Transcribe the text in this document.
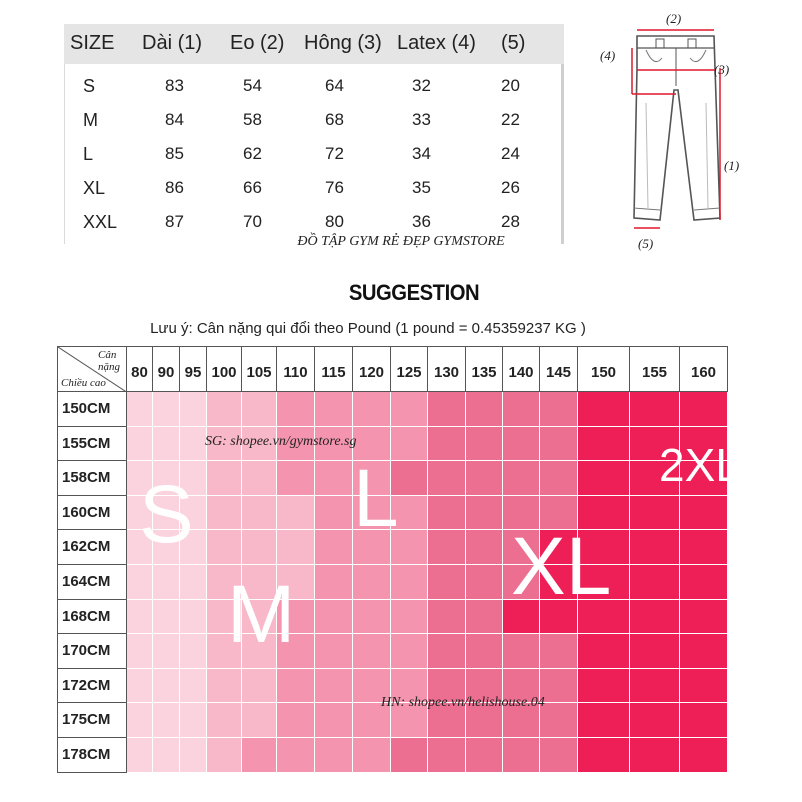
SIZE Dài (1) Eo (2) Hông (3) Latex (4) (5)
S	83	54	64	32	20
M	84	58	68	33	22
L	85	62	72	34	24
XL	86	66	76	35	26
XXL	87	70	80	36	28
ĐỒ TẬP GYM RẺ ĐẸP GYMSTORE
(2)
(4)
(3)
(1)
(5)
SUGGESTION
Lưu ý: Cân nặng qui đổi theo Pound (1 pound = 0.45359237 KG )
Cân nặng
Chiều cao
S
M
L
XL
2XL
SG: shopee.vn/gymstore.sg
HN: shopee.vn/helishouse.04
80 90 95 100 105 110 115 120 125 130 135 140 145	150	155	160
150CM
155CM
158CM
160CM
162CM
164CM
168CM
170CM
172CM
175CM
178CM
